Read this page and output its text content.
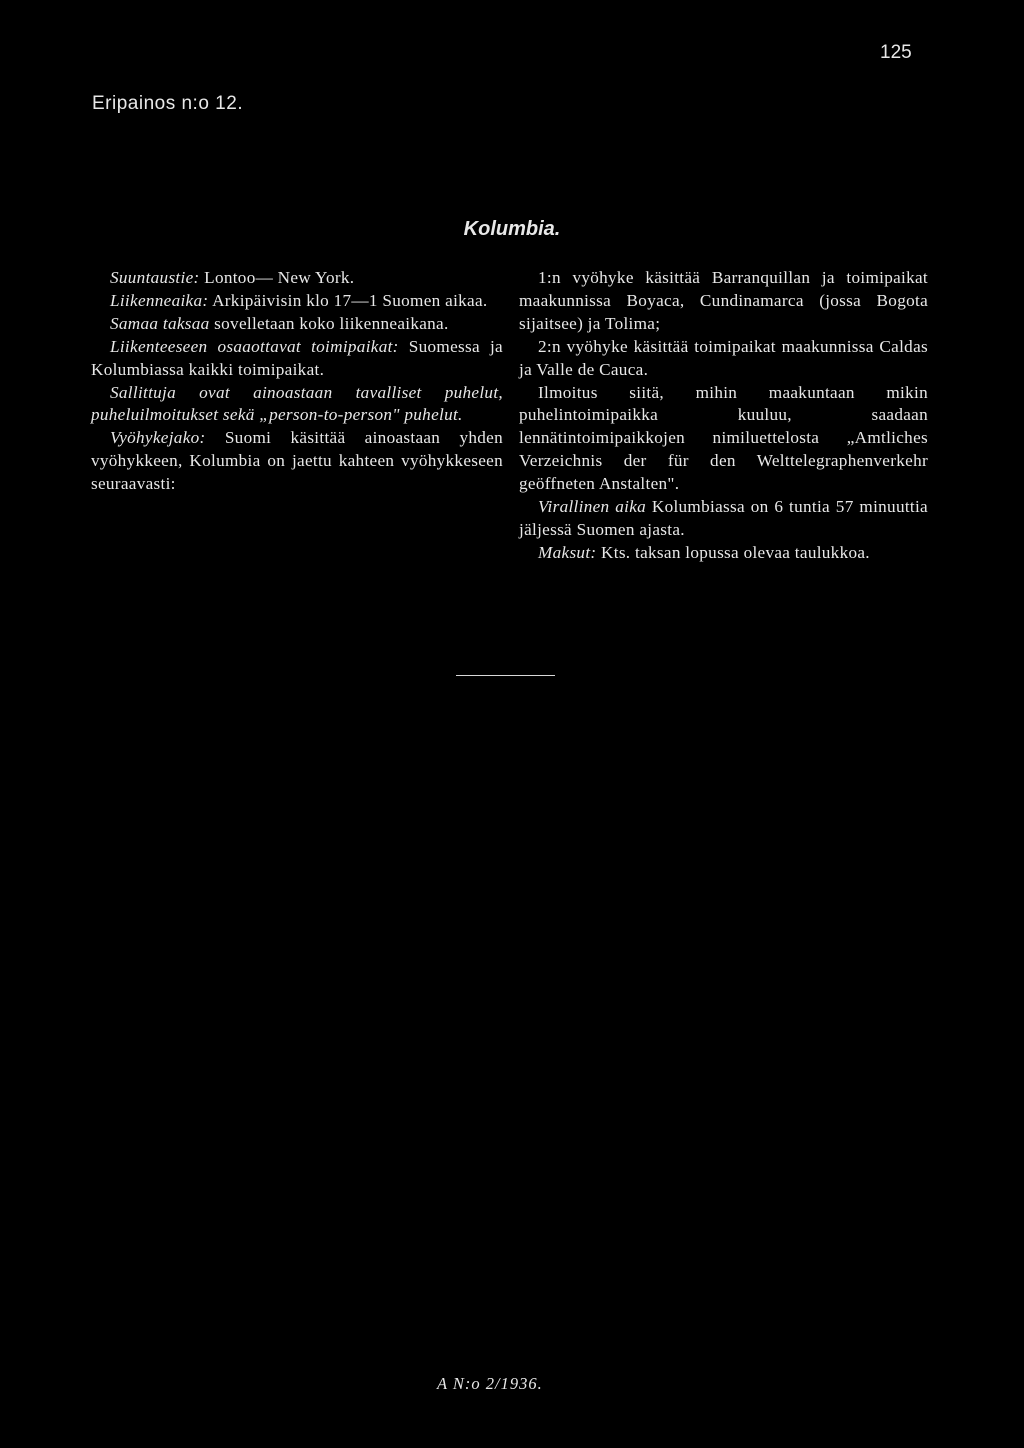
125
Eripainos n:o 12.
Kolumbia.

Suuntaustie: Lontoo— New York.

Liikenneaika: Arkipäivisin klo 17—1 Suomen aikaa.

Samaa taksaa sovelletaan koko liikenneaikana.

Liikenteeseen osaaottavat toimipaikat: Suomessa ja Kolumbiassa kaikki toimipaikat.

Sallittuja ovat ainoastaan tavalliset puhelut, puheluilmoitukset sekä „person-to-person" puhelut.

Vyöhykejako: Suomi käsittää ainoastaan yhden vyöhykkeen, Kolumbia on jaettu kahteen vyöhykkeseen seuraavasti:

1:n vyöhyke käsittää Barranquillan ja toimipaikat maakunnissa Boyaca, Cundinamarca (jossa Bogota sijaitsee) ja Tolima;

2:n vyöhyke käsittää toimipaikat maakunnissa Caldas ja Valle de Cauca.

Ilmoitus siitä, mihin maakuntaan mikin puhelintoimipaikka kuuluu, saadaan lennätintoimipaikkojen nimiluettelosta „Amtliches Verzeichnis der für den Welttelegraphenverkehr geöffneten Anstalten".

Virallinen aika Kolumbiassa on 6 tuntia 57 minuuttia jäljessä Suomen ajasta.

Maksut: Kts. taksan lopussa olevaa taulukkoa.

A N:o 2/1936.
